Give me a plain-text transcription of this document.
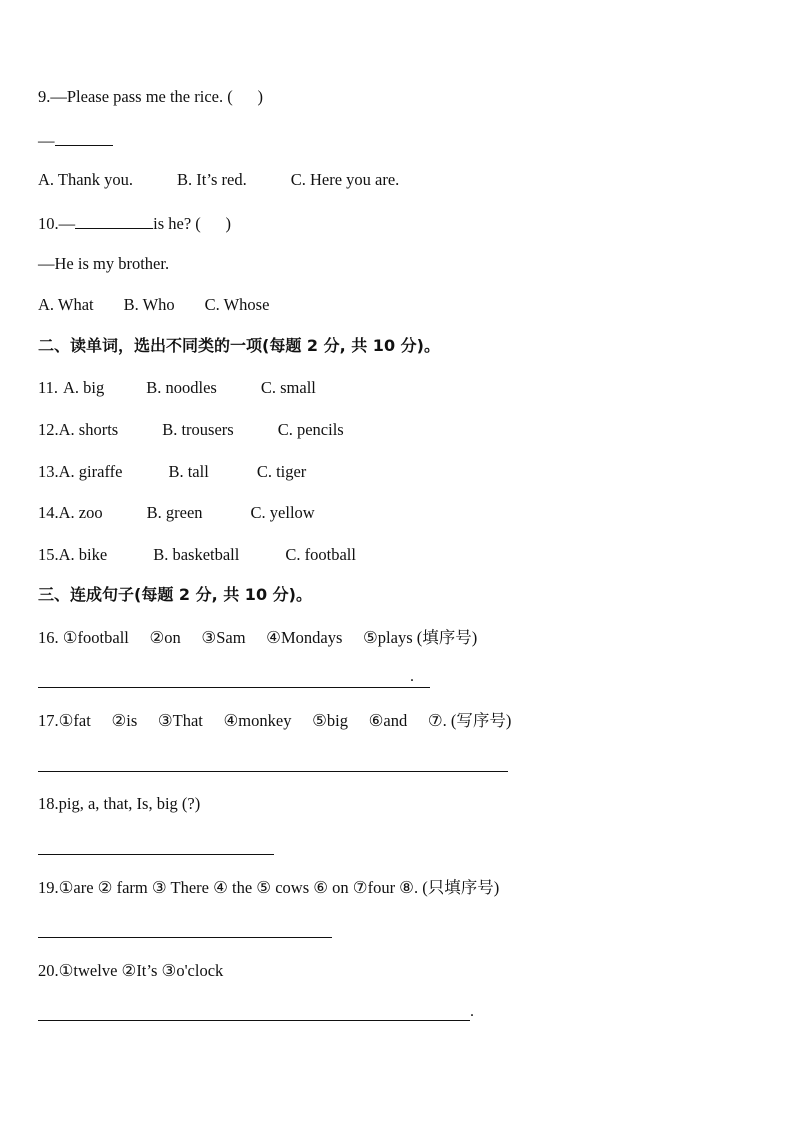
9.—Please pass me the rice. (      )
—
A. Thank you.	B. It’s red.	C. Here you are.
10.—	is he? (      )
—He is my brother.
A. What B. Who C. Whose
二、读单词，选出不同类的一项(每题 2 分, 共 10 分)。
11. A. big	B. noodles	C. small
12.A. shorts	B. trousers	C. pencils
13.A. giraffe	B. tall	C. tiger
14.A. zoo	B. green	C. yellow
15.A. bike	B. basketball	C. football
三、连成句子(每题 2 分, 共 10 分)。
16. ①football     ②on     ③Sam     ④Mondays     ⑤plays (填序号)
.
17.①fat     ②is     ③That     ④monkey     ⑤big     ⑥and     ⑦. (写序号)
18.pig, a, that, Is, big (?)
19.①are ② farm ③ There ④ the ⑤ cows ⑥ on ⑦four ⑧. (只填序号)
20.①twelve ②It’s ③o'clock
.
